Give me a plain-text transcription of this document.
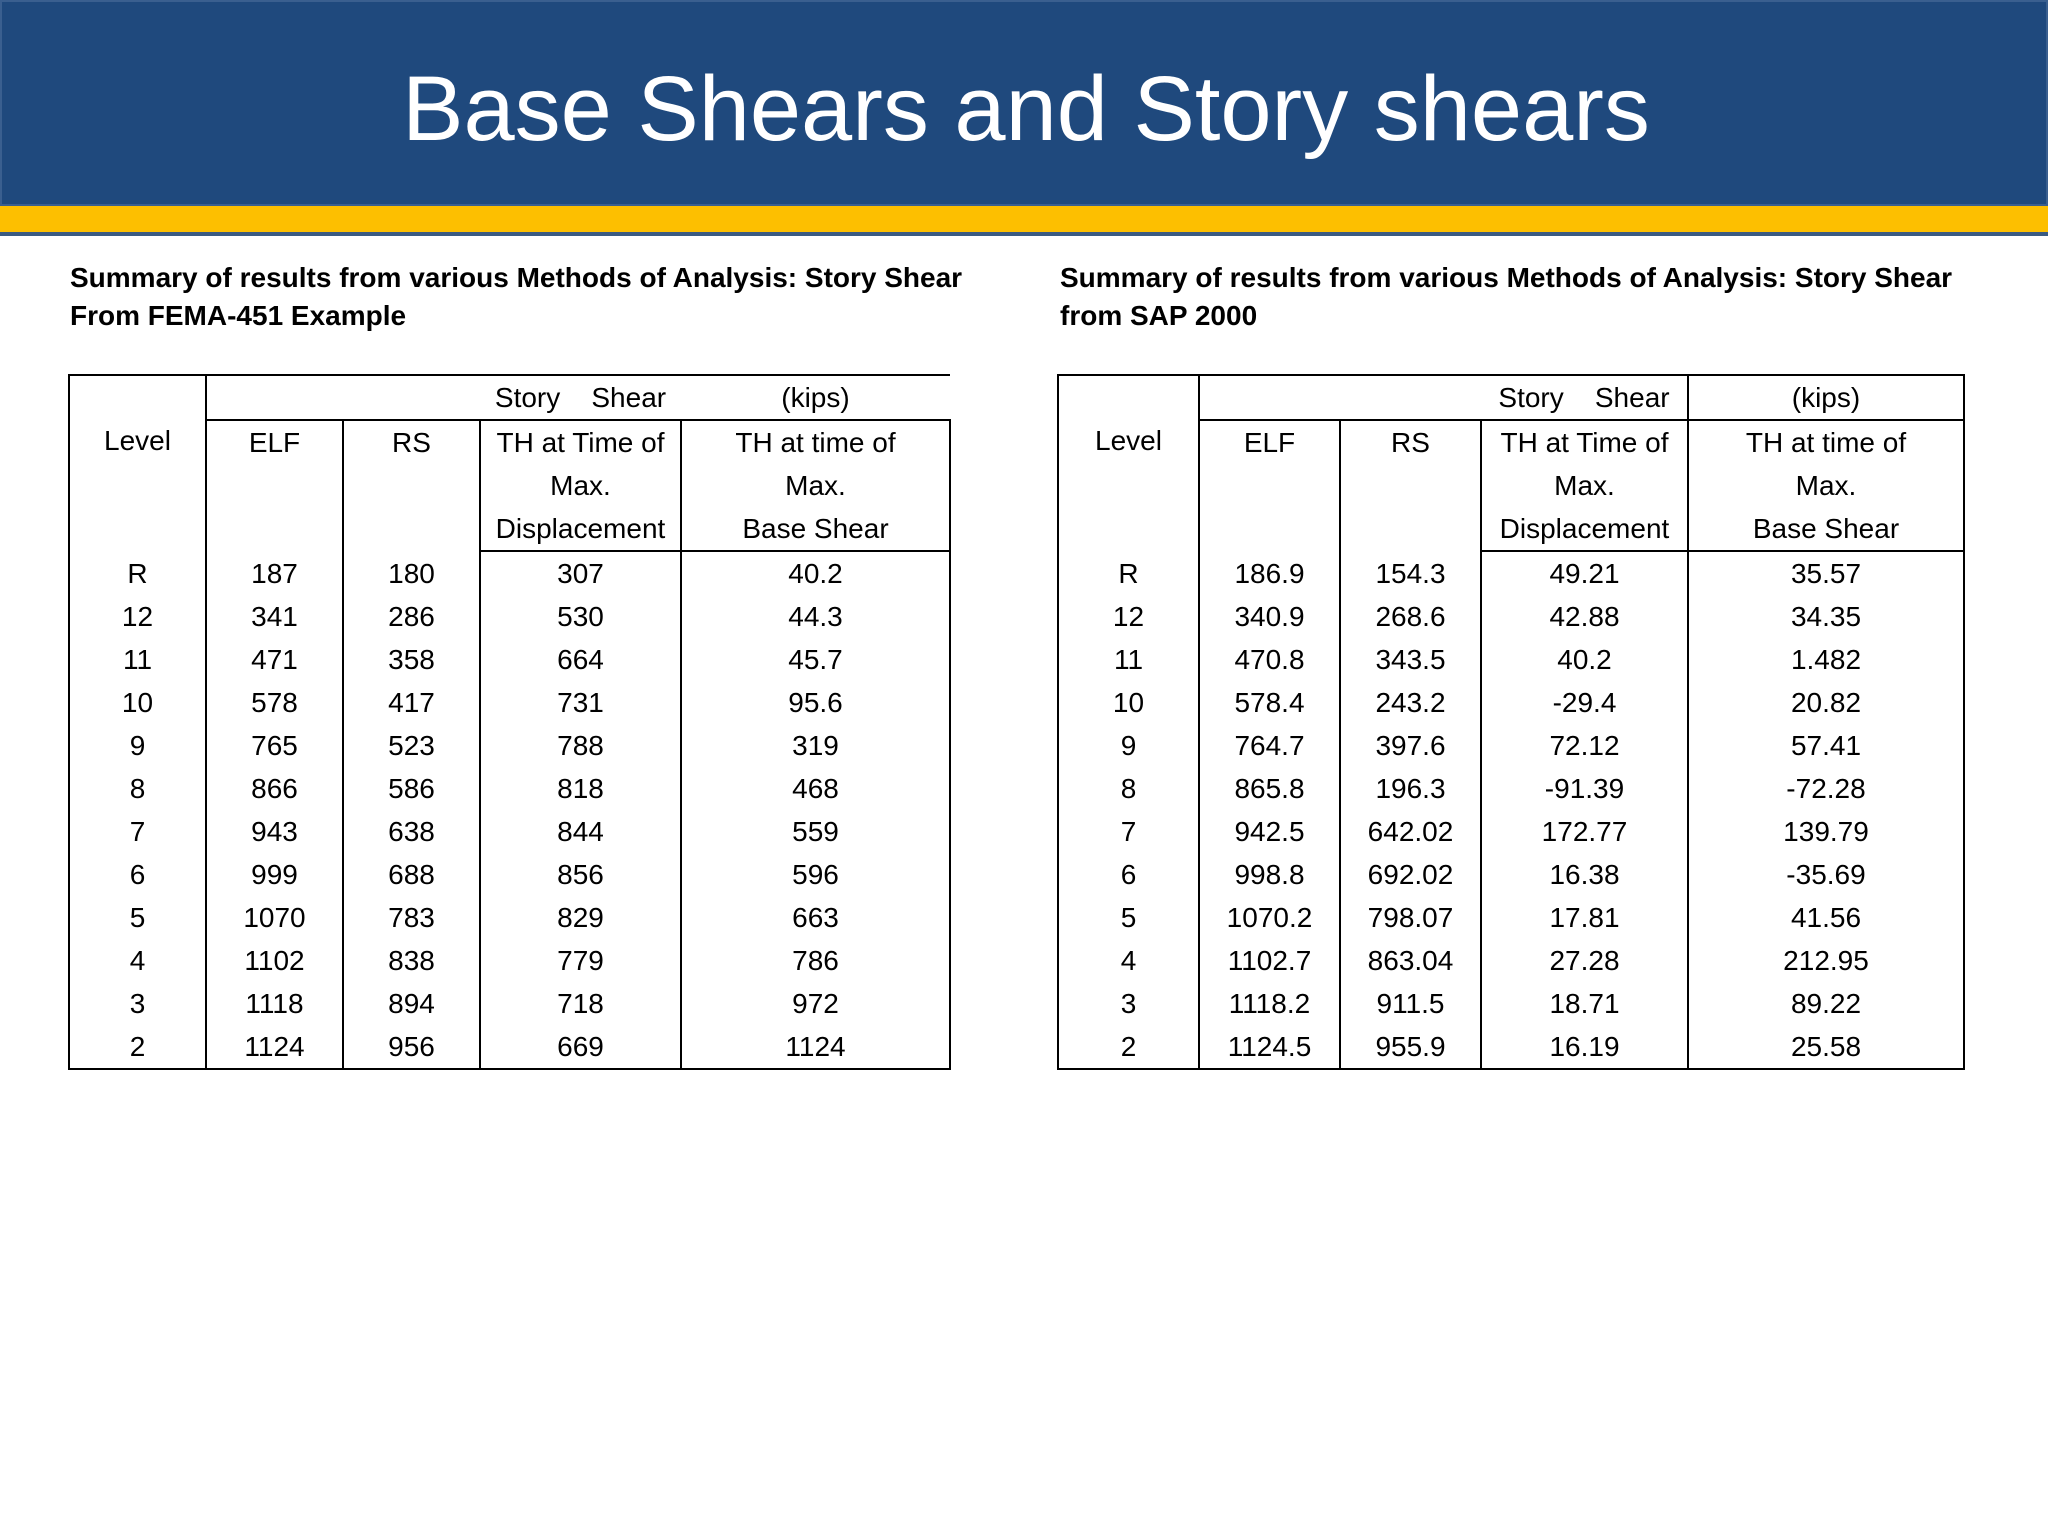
Base Shears and Story shears
Summary of results from various Methods of Analysis: Story Shear
From FEMA-451 Example
Summary of results from various Methods of Analysis: Story Shear
from SAP 2000
Level			Story Shear	(kips)
	ELF	RS	TH at Time of	TH at time of
			Max.	Max.
			Displacement	Base Shear
R	187	180	307	40.2
12	341	286	530	44.3
11	471	358	664	45.7
10	578	417	731	95.6
9	765	523	788	319
8	866	586	818	468
7	943	638	844	559
6	999	688	856	596
5	1070	783	829	663
4	1102	838	779	786
3	1118	894	718	972
2	1124	956	669	1124
Level			Story Shear	(kips)
	ELF	RS	TH at Time of	TH at time of
			Max.	Max.
			Displacement	Base Shear
R	186.9	154.3	49.21	35.57
12	340.9	268.6	42.88	34.35
11	470.8	343.5	40.2	1.482
10	578.4	243.2	-29.4	20.82
9	764.7	397.6	72.12	57.41
8	865.8	196.3	-91.39	-72.28
7	942.5	642.02	172.77	139.79
6	998.8	692.02	16.38	-35.69
5	1070.2	798.07	17.81	41.56
4	1102.7	863.04	27.28	212.95
3	1118.2	911.5	18.71	89.22
2	1124.5	955.9	16.19	25.58
